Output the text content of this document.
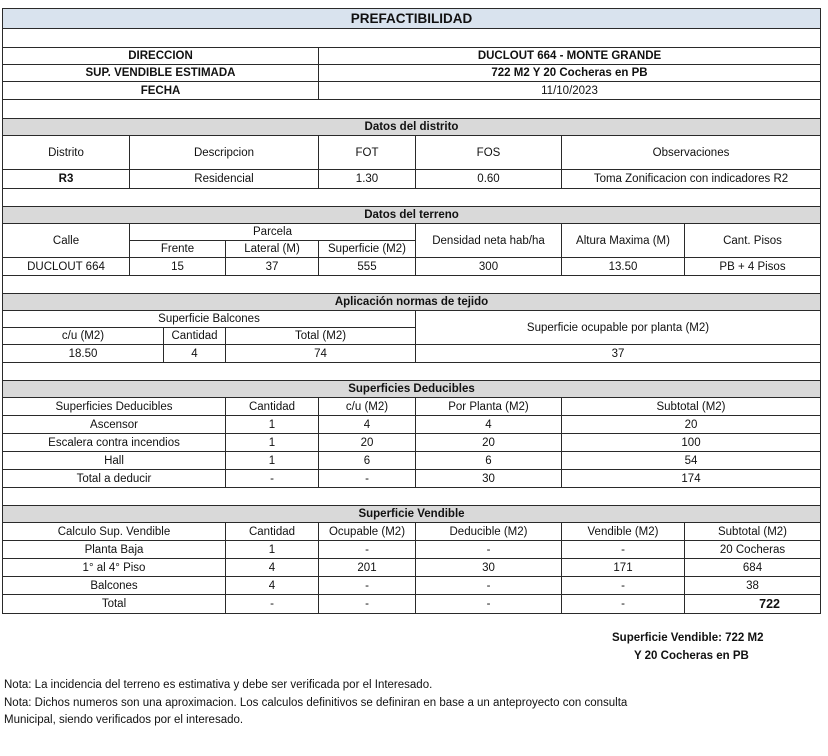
PREFACTIBILIDAD							

DIRECCION				DUCLOUT 664 - MONTE GRANDE			
SUP. VENDIBLE ESTIMADA				722 M2 Y 20 Cocheras en PB			
FECHA				11/10/2023			

Datos del distrito							
Distrito	Descripcion			FOT	FOS	Observaciones	
R3	Residencial			1.30	0.60	Toma Zonificacion con indicadores R2	

Datos del terreno							
Calle	Parcela				Densidad neta hab/ha	Altura Maxima (M)	Cant. Pisos
	Frente		Lateral (M)	Superficie (M2)			
DUCLOUT 664	15		37	555	300	13.50	PB + 4 Pisos

Aplicación normas de tejido							
Superficie Balcones					Superficie ocupable por planta (M2)		
c/u (M2)		Cantidad	Total (M2)				
18.50		4	74		37		

Superficies Deducibles							
Superficies Deducibles			Cantidad	c/u (M2)	Por Planta (M2)	Subtotal (M2)	
Ascensor			1	4	4	20	
Escalera contra incendios			1	20	20	100	
Hall			1	6	6	54	
Total a deducir			-	-	30	174	

Superficie Vendible							
Calculo Sup. Vendible			Cantidad	Ocupable (M2)	Deducible (M2)	Vendible (M2)	Subtotal (M2)
Planta Baja			1	-	-	-	20 Cocheras
1° al 4° Piso			4	201	30	171	684
Balcones			4	-	-	-	38
Total			-	-	-	-	722
Superficie Vendible: 722 M2
Y 20 Cocheras en PB
Nota: La incidencia del terreno es estimativa y debe ser verificada por el Interesado.
Nota: Dichos numeros son una aproximacion. Los calculos definitivos se definiran en base a un anteproyecto con consulta
Municipal, siendo verificados por el interesado.
